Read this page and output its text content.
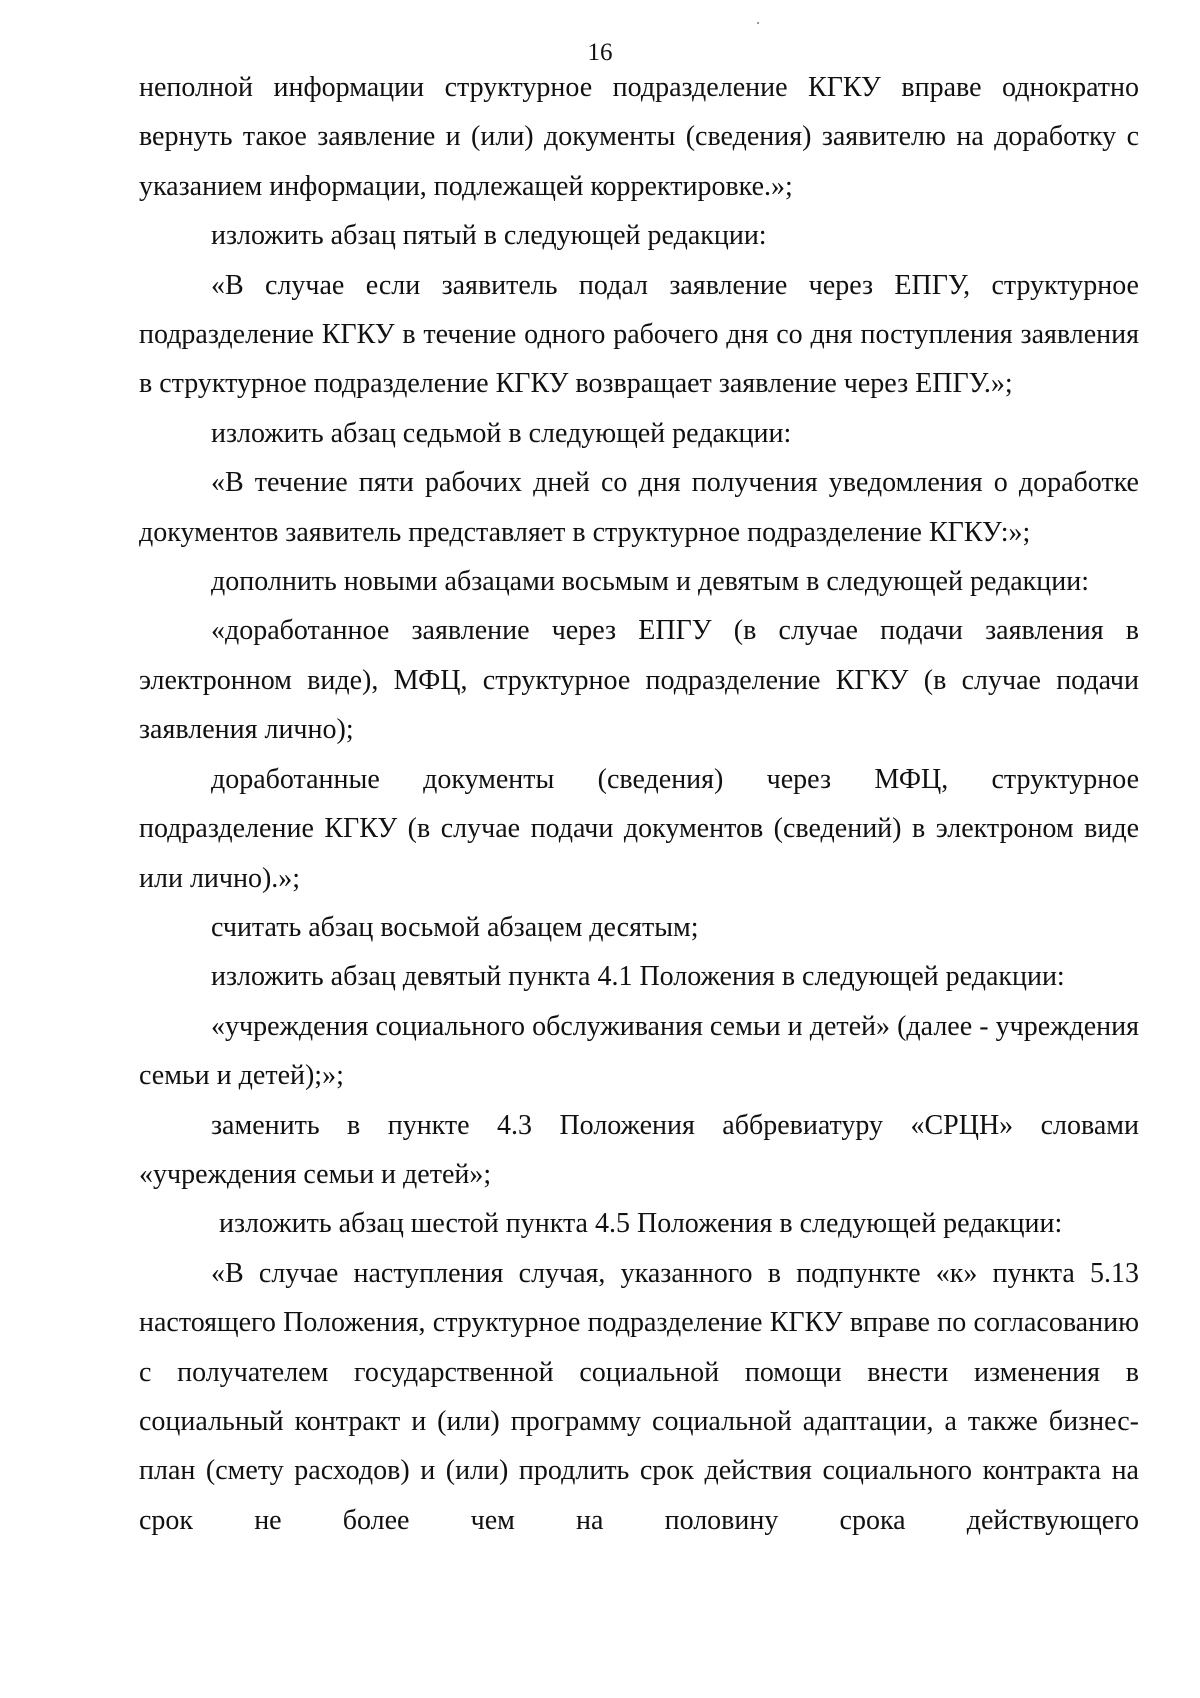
16

неполной информации структурное подразделение КГКУ вправе однократно вернуть такое заявление и (или) документы (сведения) заявителю на доработку с указанием информации, подлежащей корректировке.»;

изложить абзац пятый в следующей редакции:

«В случае если заявитель подал заявление через ЕПГУ, структурное подразделение КГКУ в течение одного рабочего дня со дня поступления заявления в структурное подразделение КГКУ возвращает заявление через ЕПГУ.»;

изложить абзац седьмой в следующей редакции:

«В течение пяти рабочих дней со дня получения уведомления о доработке документов заявитель представляет в структурное подразделение КГКУ:»;

дополнить новыми абзацами восьмым и девятым в следующей редакции:

«доработанное заявление через ЕПГУ (в случае подачи заявления в электронном виде), МФЦ, структурное подразделение КГКУ (в случае подачи заявления лично);

доработанные документы (сведения) через МФЦ, структурное подразделение КГКУ (в случае подачи документов (сведений) в электроном виде или лично).»;

считать абзац восьмой абзацем десятым;

изложить абзац девятый пункта 4.1 Положения в следующей редакции:

«учреждения социального обслуживания семьи и детей» (далее - учреждения семьи и детей);»;

заменить в пункте 4.3 Положения аббревиатуру «СРЦН» словами «учреждения семьи и детей»;

изложить абзац шестой пункта 4.5 Положения в следующей редакции:

«В случае наступления случая, указанного в подпункте «к» пункта 5.13 настоящего Положения, структурное подразделение КГКУ вправе по согласованию с получателем государственной социальной помощи внести изменения в социальный контракт и (или) программу социальной адаптации, а также бизнес-план (смету расходов) и (или) продлить срок действия социального контракта на срок не более чем на половину срока действующего
